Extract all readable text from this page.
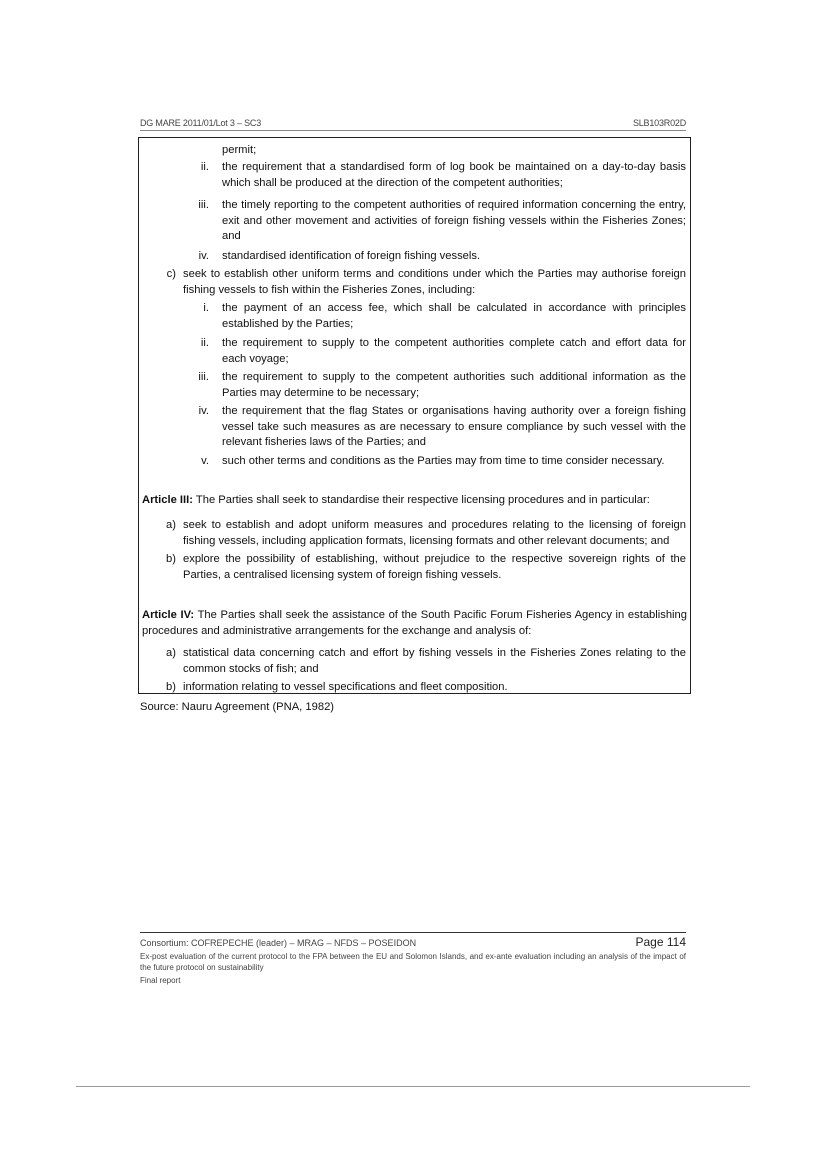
DG MARE 2011/01/Lot 3 – SC3	SLB103R02D
permit;
ii. the requirement that a standardised form of log book be maintained on a day-to-day basis which shall be produced at the direction of the competent authorities;
iii. the timely reporting to the competent authorities of required information concerning the entry, exit and other movement and activities of foreign fishing vessels within the Fisheries Zones; and
iv. standardised identification of foreign fishing vessels.
c) seek to establish other uniform terms and conditions under which the Parties may authorise foreign fishing vessels to fish within the Fisheries Zones, including:
i. the payment of an access fee, which shall be calculated in accordance with principles established by the Parties;
ii. the requirement to supply to the competent authorities complete catch and effort data for each voyage;
iii. the requirement to supply to the competent authorities such additional information as the Parties may determine to be necessary;
iv. the requirement that the flag States or organisations having authority over a foreign fishing vessel take such measures as are necessary to ensure compliance by such vessel with the relevant fisheries laws of the Parties; and
v. such other terms and conditions as the Parties may from time to time consider necessary.
Article III: The Parties shall seek to standardise their respective licensing procedures and in particular:
a) seek to establish and adopt uniform measures and procedures relating to the licensing of foreign fishing vessels, including application formats, licensing formats and other relevant documents; and
b) explore the possibility of establishing, without prejudice to the respective sovereign rights of the Parties, a centralised licensing system of foreign fishing vessels.
Article IV: The Parties shall seek the assistance of the South Pacific Forum Fisheries Agency in establishing procedures and administrative arrangements for the exchange and analysis of:
a) statistical data concerning catch and effort by fishing vessels in the Fisheries Zones relating to the common stocks of fish; and
b) information relating to vessel specifications and fleet composition.
Source: Nauru Agreement (PNA, 1982)
Consortium: COFREPECHE (leader) – MRAG – NFDS – POSEIDON	Page 114
Ex-post evaluation of the current protocol to the FPA between the EU and Solomon Islands, and ex-ante evaluation including an analysis of the impact of the future protocol on sustainability
Final report
